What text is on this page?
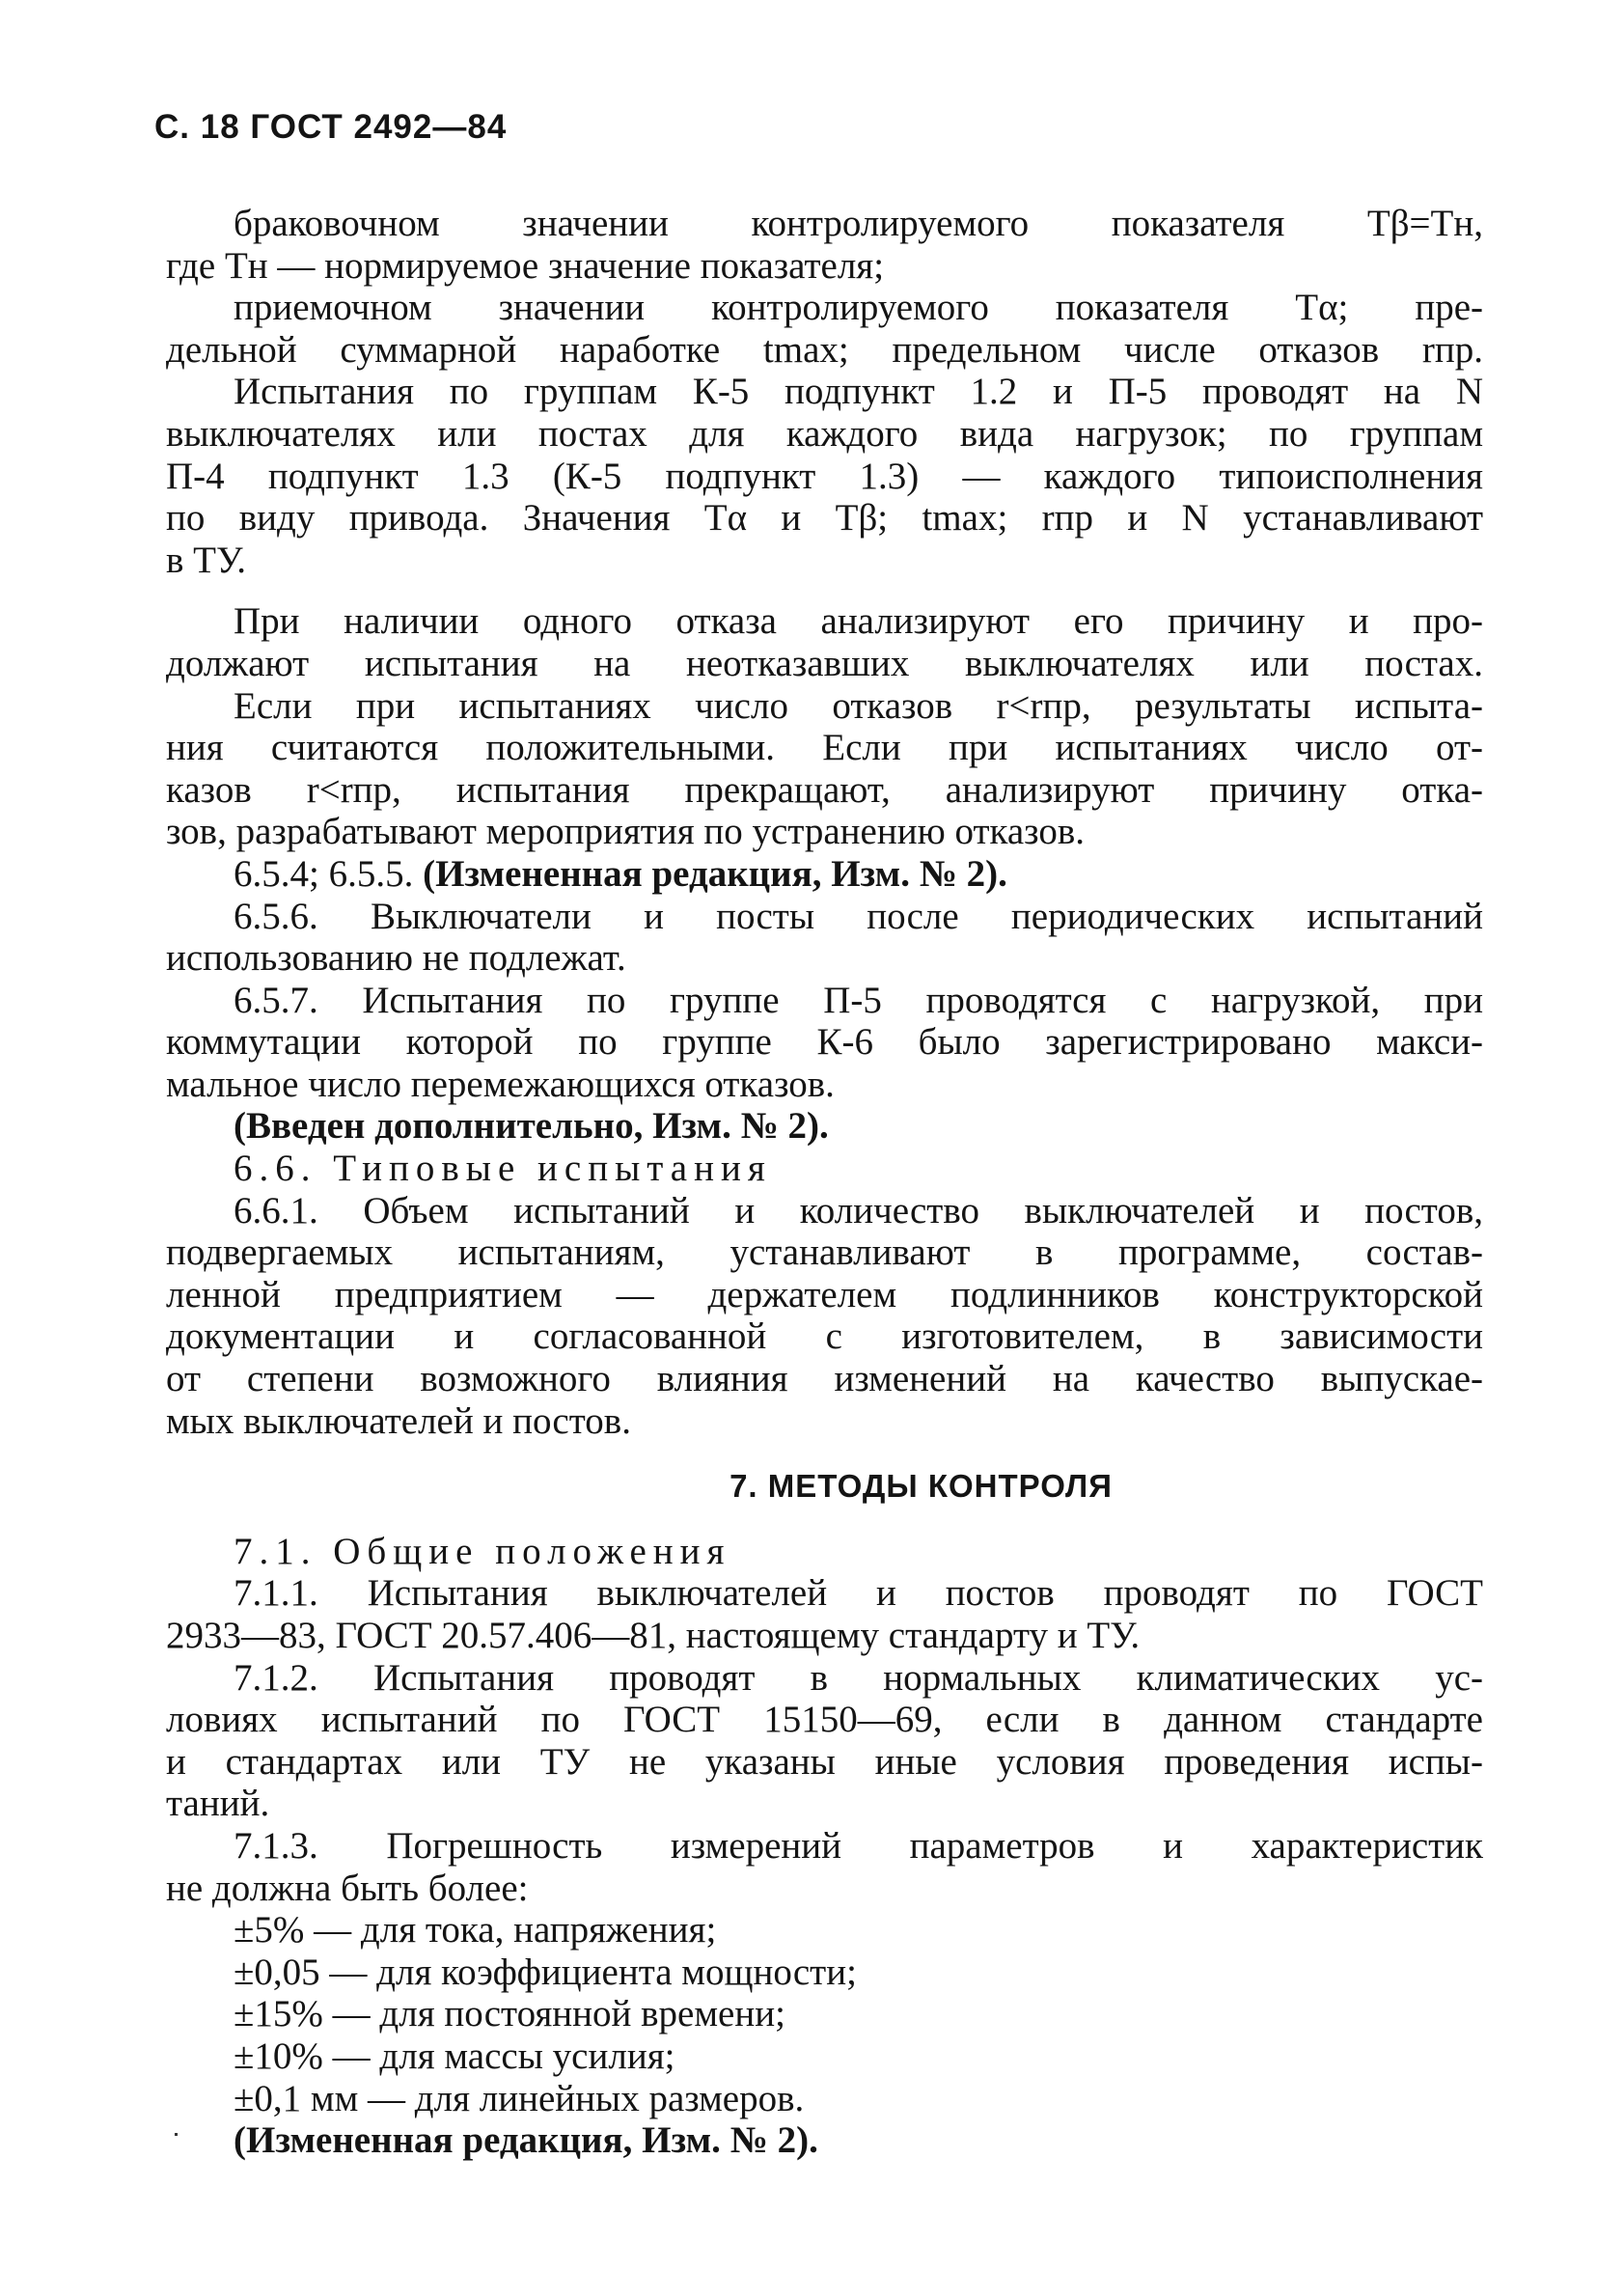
С. 18 ГОСТ 2492—84
браковочном значении контролируемого показателя Tβ=Tн,
где Tн — нормируемое значение показателя;
приемочном значении контролируемого показателя Tα; пре-
дельной суммарной наработке tmax; предельном числе отказов rпр.
Испытания по группам К-5 подпункт 1.2 и П-5 проводят на N
выключателях или постах для каждого вида нагрузок; по группам
П-4 подпункт 1.3 (К-5 подпункт 1.3) — каждого типоисполнения
по виду привода. Значения Tα и Tβ; tmax; rпр и N устанавливают
в ТУ.
При наличии одного отказа анализируют его причину и про-
должают испытания на неотказавших выключателях или постах.
Если при испытаниях число отказов r<rпр, результаты испыта-
ния считаются положительными. Если при испытаниях число от-
казов r<rпр, испытания прекращают, анализируют причину отка-
зов, разрабатывают мероприятия по устранению отказов.
6.5.4; 6.5.5. (Измененная редакция, Изм. № 2).
6.5.6. Выключатели и посты после периодических испытаний
использованию не подлежат.
6.5.7. Испытания по группе П-5 проводятся с нагрузкой, при
коммутации которой по группе К-6 было зарегистрировано макси-
мальное число перемежающихся отказов.
(Введен дополнительно, Изм. № 2).
6.6. Типовые испытания
6.6.1. Объем испытаний и количество выключателей и постов,
подвергаемых испытаниям, устанавливают в программе, состав-
ленной предприятием — держателем подлинников конструкторской
документации и согласованной с изготовителем, в зависимости
от степени возможного влияния изменений на качество выпускае-
мых выключателей и постов.
7. МЕТОДЫ КОНТРОЛЯ
7.1. Общие положения
7.1.1. Испытания выключателей и постов проводят по ГОСТ
2933—83, ГОСТ 20.57.406—81, настоящему стандарту и ТУ.
7.1.2. Испытания проводят в нормальных климатических ус-
ловиях испытаний по ГОСТ 15150—69, если в данном стандарте
и стандартах или ТУ не указаны иные условия проведения испы-
таний.
7.1.3. Погрешность измерений параметров и характеристик
не должна быть более:
±5% — для тока, напряжения;
±0,05 — для коэффициента мощности;
±15% — для постоянной времени;
±10% — для массы усилия;
±0,1 мм — для линейных размеров.
(Измененная редакция, Изм. № 2).
